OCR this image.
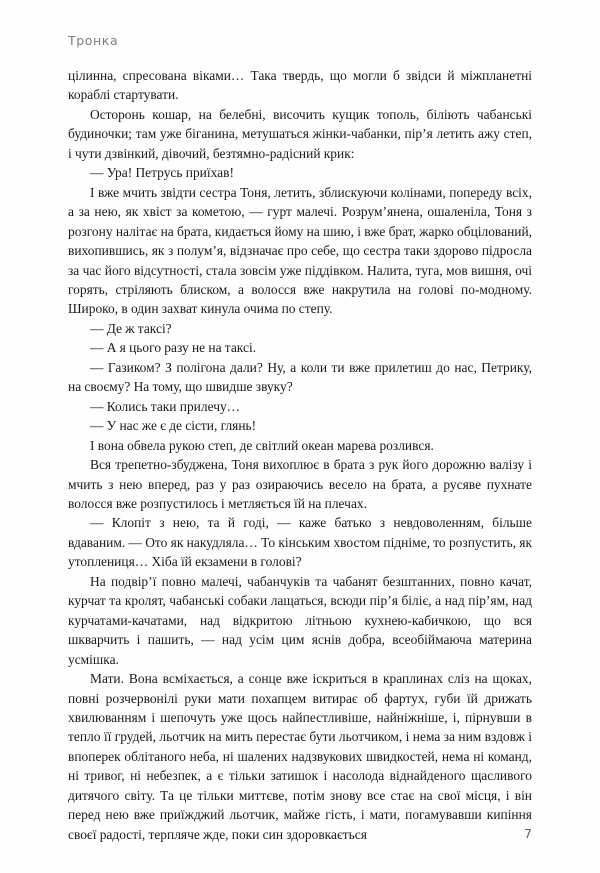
Тронка

цілинна, спресована віками… Така твердь, що могли б звідси й міжпланетні кораблі стартувати.

Осторонь кошар, на белебні, височить кущик тополь, біліють чабанські будиночки; там уже біганина, метушаться жінки-чабанки, пір’я летить ажу степ, і чути дзвінкий, дівочий, безтямно-радісний крик:

— Ура! Петрусь приїхав!

І вже мчить звідти сестра Тоня, летить, зблискуючи колінами, попереду всіх, а за нею, як хвіст за кометою, — гурт малечі. Розрум’янена, ошаленіла, Тоня з розгону налітає на брата, кидається йому на шию, і вже брат, жарко обцілований, вихопившись, як з полум’я, відзначає про себе, що сестра таки здорово підросла за час його відсутності, стала зовсім уже піддівком. Налита, туга, мов вишня, очі горять, стріляють блиском, а волосся вже накрутила на голові по-модному. Широко, в один захват кинула очима по степу.

— Де ж таксі?

— А я цього разу не на таксі.

— Газиком? З полігона дали? Ну, а коли ти вже прилетиш до нас, Петрику, на своєму? На тому, що швидше звуку?

— Колись таки прилечу…

— У нас же є де сісти, глянь!

І вона обвела рукою степ, де світлий океан марева розлився.

Вся трепетно-збуджена, Тоня вихоплює в брата з рук його дорожню валізу і мчить з нею вперед, раз у раз озираючись весело на брата, а русяве пухнате волосся вже розпустилось і метляється їй на плечах.

— Клопіт з нею, та й годі, — каже батько з невдоволенням, більше вдаваним. — Ото як накудляла… То кінським хвостом підніме, то розпустить, як утоплениця… Хіба їй екзамени в голові?

На подвір’ї повно малечі, чабанчуків та чабанят безштанних, повно качат, курчат та кролят, чабанські собаки лащаться, всюди пір’я біліє, а над пір’ям, над курчатами-качатами, над відкритою літньою кухнею-кабичкою, що вся шкварчить і пашить, — над усім цим яснів добра, всеобіймаюча материна усмішка.

Мати. Вона всміхається, а сонце вже іскриться в краплинах сліз на щоках, повні розчервонілі руки мати похапцем витирає об фартух, губи їй дрижать хвилюванням і шепочуть уже щось найпестливіше, найніжніше, і, пірнувши в тепло її грудей, льотчик на мить перестає бути льотчиком, і нема за ним вздовж і впоперек облітаного неба, ні шалених надзвукових швидкостей, нема ні команд, ні тривог, ні небезпек, а є тільки затишок і насолода віднайденого щасливого дитячого світу. Та це тільки миттєве, потім знову все стає на свої місця, і він перед нею вже приїжджий льотчик, майже гість, і мати, погамувавши кипіння своєї радості, терпляче жде, поки син здоровкається	7
